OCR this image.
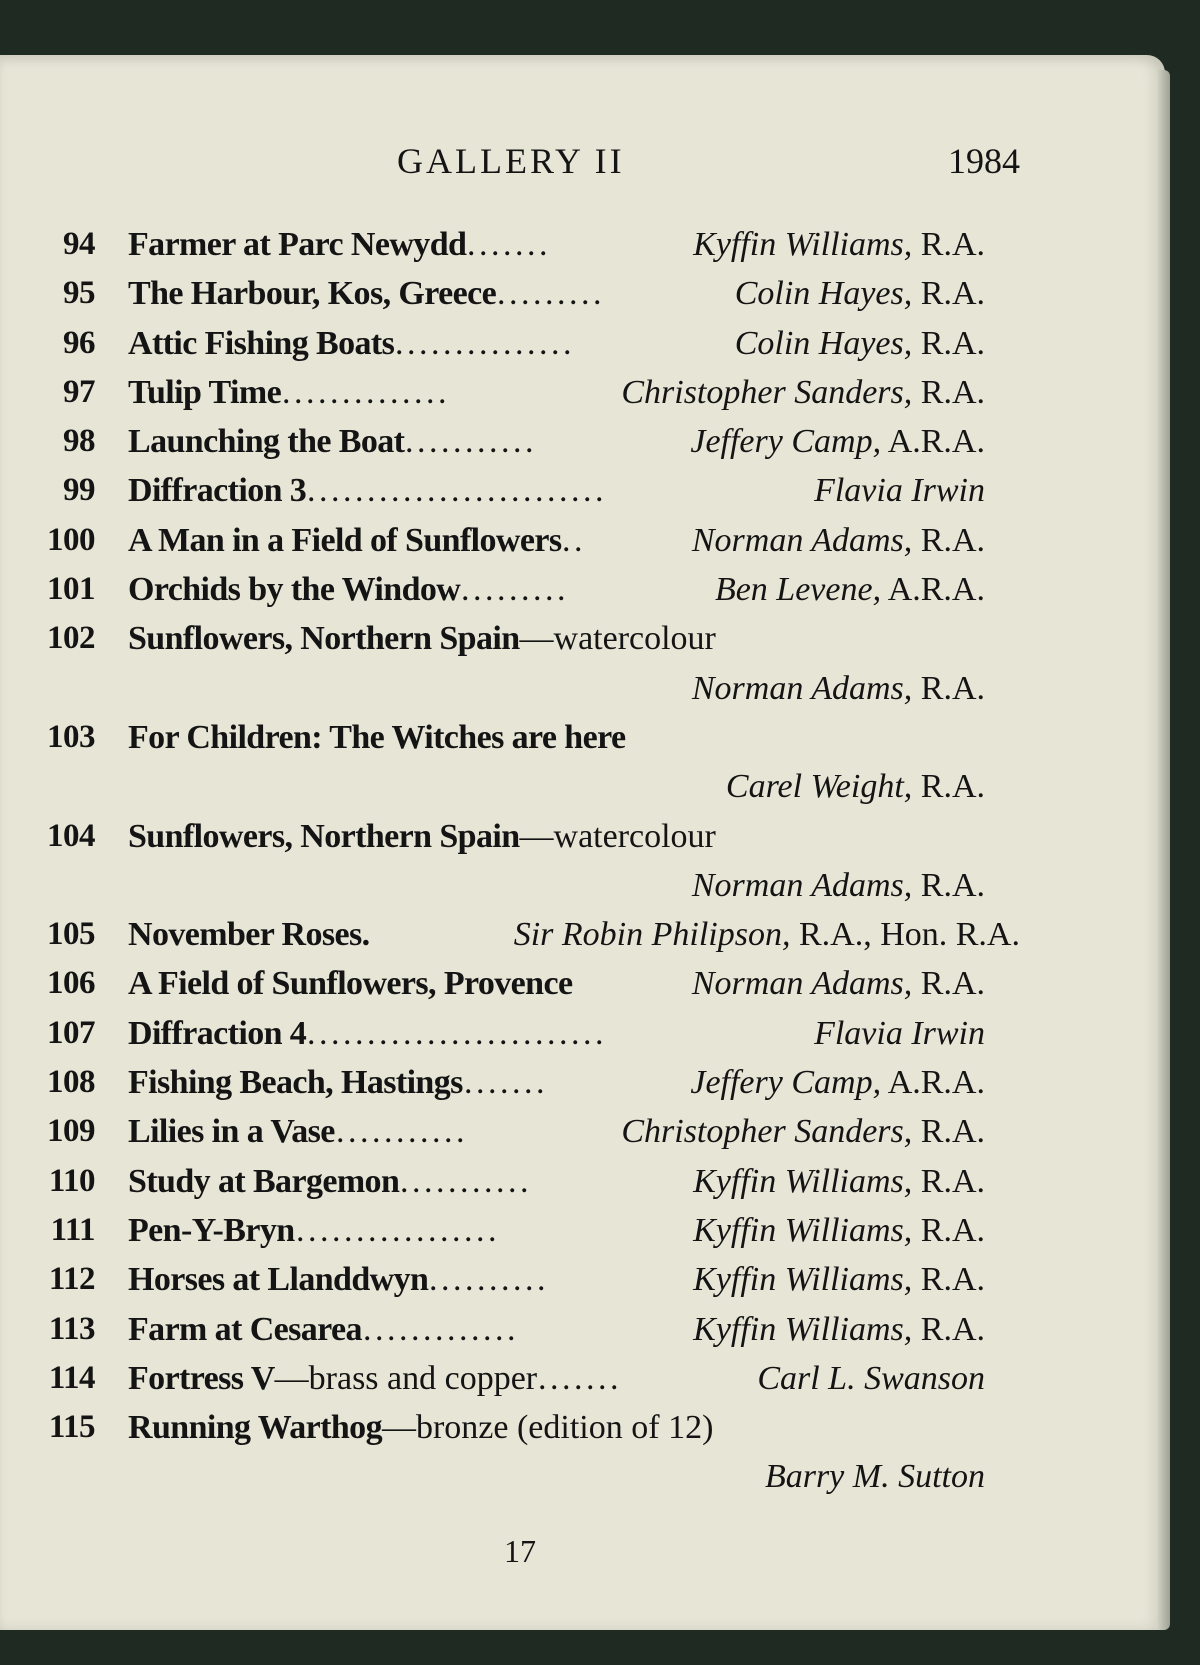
GALLERY II	1984
94 Farmer at Parc Newydd .......	Kyffin Williams, R.A.
95 The Harbour, Kos, Greece .........	Colin Hayes, R.A.
96 Attic Fishing Boats ...............	Colin Hayes, R.A.
97 Tulip Time ..............	Christopher Sanders, R.A.
98 Launching the Boat ...........	Jeffery Camp, A.R.A.
99 Diffraction 3 .........................	Flavia Irwin
100 A Man in a Field of Sunflowers ..	Norman Adams, R.A.
101 Orchids by the Window .........	Ben Levene, A.R.A.
102 Sunflowers, Northern Spain—watercolour
Norman Adams, R.A.
103 For Children: The Witches are here
Carel Weight, R.A.
104 Sunflowers, Northern Spain—watercolour
Norman Adams, R.A.
105 November Roses.	Sir Robin Philipson, R.A., Hon. R.A.
106 A Field of Sunflowers, Provence	Norman Adams, R.A.
107 Diffraction 4 .........................	Flavia Irwin
108 Fishing Beach, Hastings .......	Jeffery Camp, A.R.A.
109 Lilies in a Vase ...........	Christopher Sanders, R.A.
110 Study at Bargemon ...........	Kyffin Williams, R.A.
111 Pen-Y-Bryn .................	Kyffin Williams, R.A.
112 Horses at Llanddwyn ..........	Kyffin Williams, R.A.
113 Farm at Cesarea .............	Kyffin Williams, R.A.
114 Fortress V—brass and copper .......	Carl L. Swanson
115 Running Warthog—bronze (edition of 12)
Barry M. Sutton
17
